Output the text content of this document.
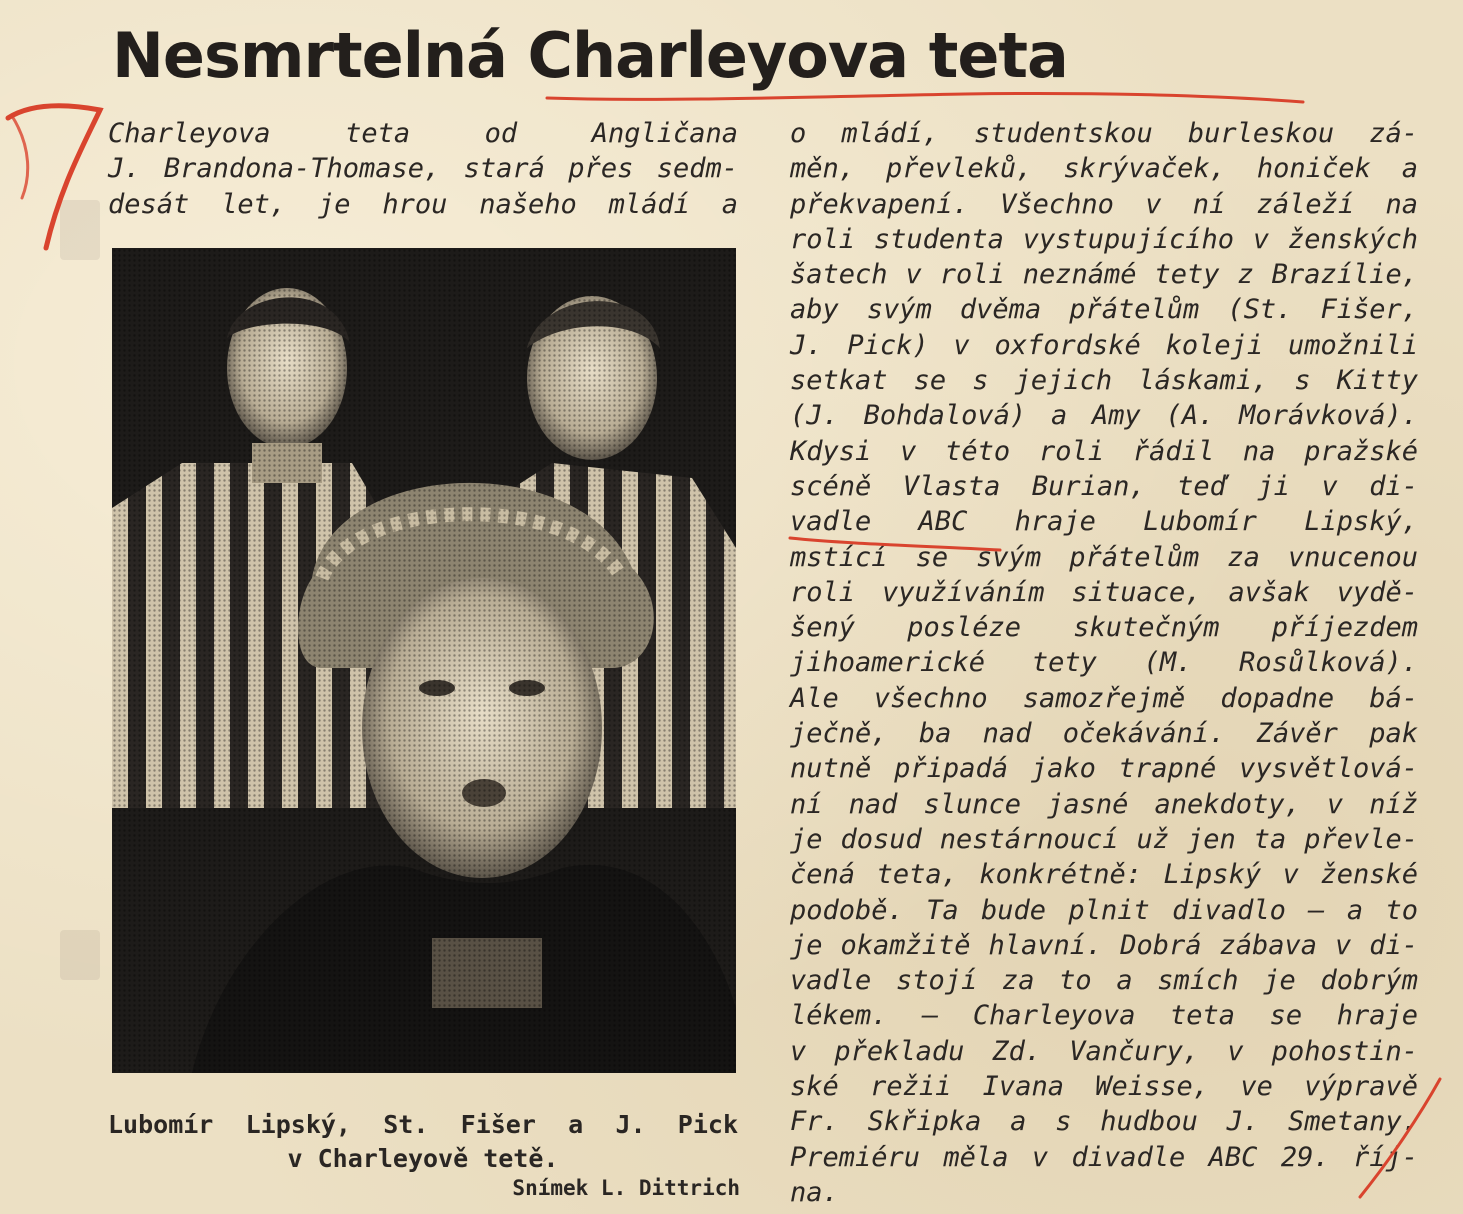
Nesmrtelná Charleyova teta
Charleyova teta od Angličana
J. Brandona-Thomase, stará přes sedm-
desát let, je hrou našeho mládí a
Lubomír Lipský, St. Fišer a J. Pick
v Charleyově tetě.
Snímek L. Dittrich
o mládí, studentskou burleskou zá-
měn, převleků, skrývaček, honiček a
překvapení. Všechno v ní záleží na
roli studenta vystupujícího v ženských
šatech v roli neznámé tety z Brazílie,
aby svým dvěma přátelům (St. Fišer,
J. Pick) v oxfordské koleji umožnili
setkat se s jejich láskami, s Kitty
(J. Bohdalová) a Amy (A. Morávková).
Kdysi v této roli řádil na pražské
scéně Vlasta Burian, teď ji v di-
vadle ABC hraje Lubomír Lipský,
mstící se svým přátelům za vnucenou
roli využíváním situace, avšak vydě-
šený posléze skutečným příjezdem
jihoamerické tety (M. Rosůlková).
Ale všechno samozřejmě dopadne bá-
ječně, ba nad očekávání. Závěr pak
nutně připadá jako trapné vysvětlová-
ní nad slunce jasné anekdoty, v níž
je dosud nestárnoucí už jen ta převle-
čená teta, konkrétně: Lipský v ženské
podobě. Ta bude plnit divadlo — a to
je okamžitě hlavní. Dobrá zábava v di-
vadle stojí za to a smích je dobrým
lékem. — Charleyova teta se hraje
v překladu Zd. Vančury, v pohostin-
ské režii Ivana Weisse, ve výpravě
Fr. Skřipka a s hudbou J. Smetany.
Premiéru měla v divadle ABC 29. říj-
na.
